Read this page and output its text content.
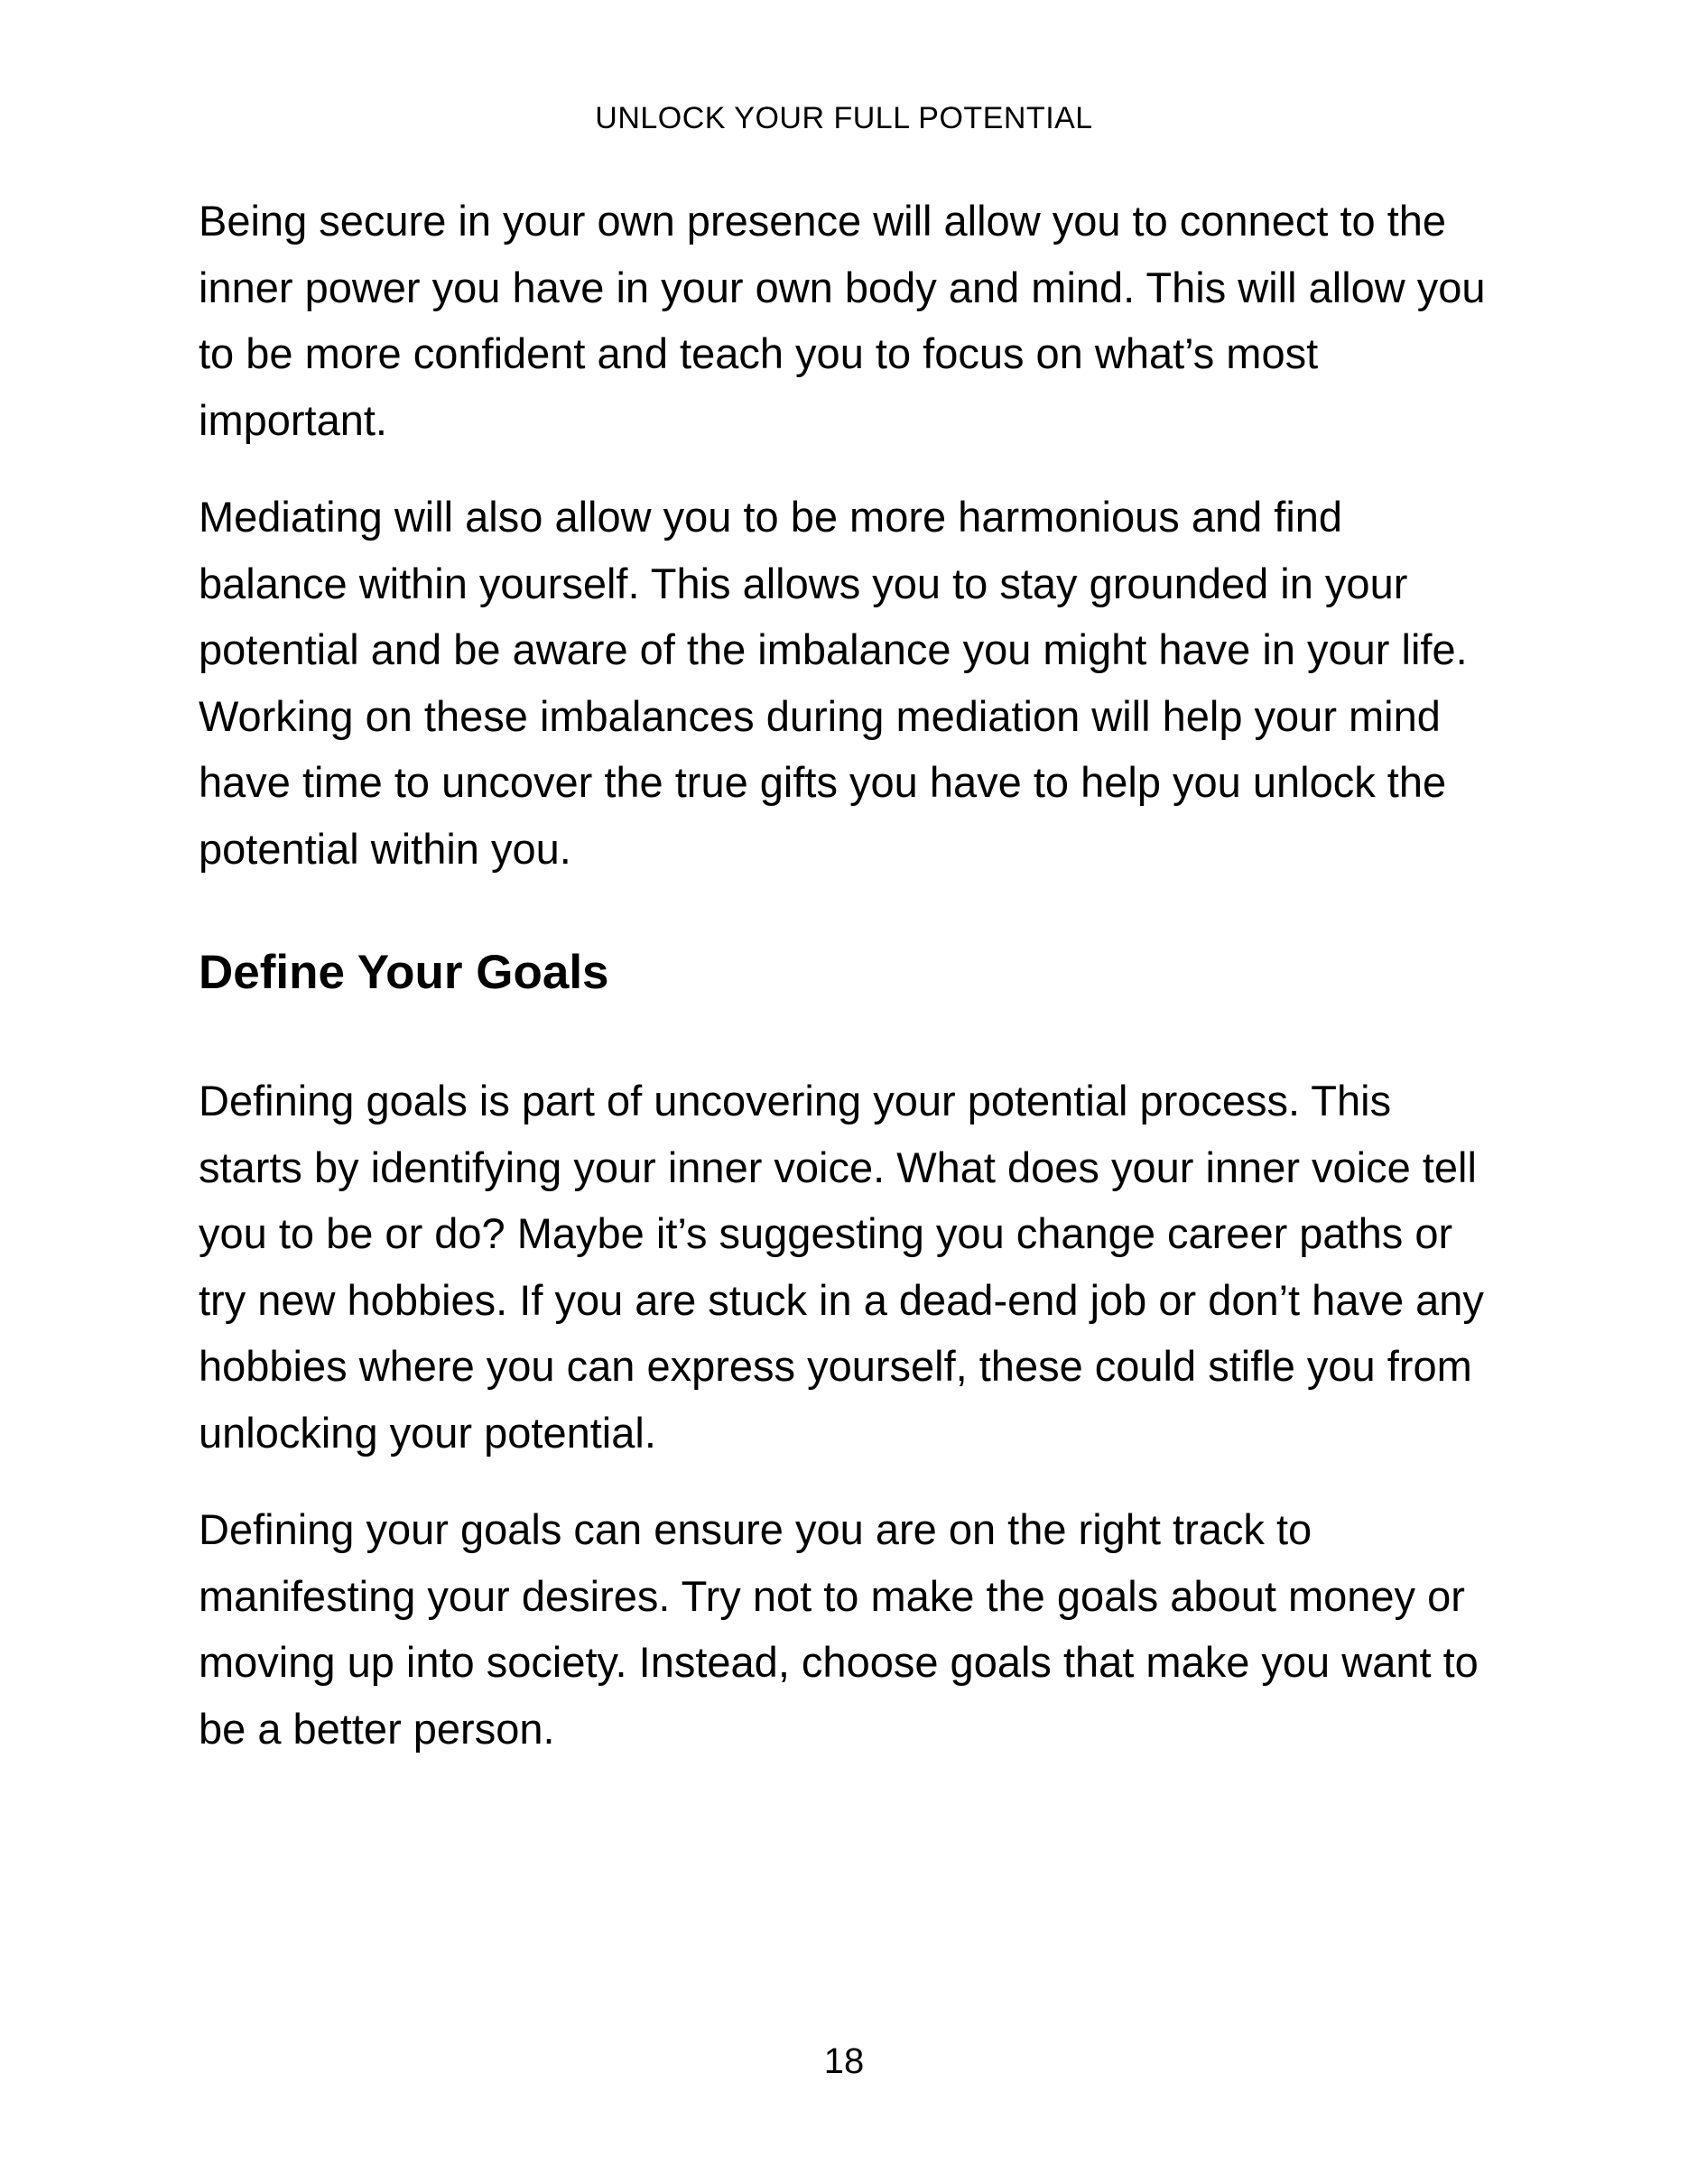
UNLOCK YOUR FULL POTENTIAL

Being secure in your own presence will allow you to connect to the inner power you have in your own body and mind. This will allow you to be more confident and teach you to focus on what’s most important.

Mediating will also allow you to be more harmonious and find balance within yourself. This allows you to stay grounded in your potential and be aware of the imbalance you might have in your life. Working on these imbalances during mediation will help your mind have time to uncover the true gifts you have to help you unlock the potential within you.

Define Your Goals

Defining goals is part of uncovering your potential process. This starts by identifying your inner voice. What does your inner voice tell you to be or do? Maybe it’s suggesting you change career paths or try new hobbies. If you are stuck in a dead-end job or don’t have any hobbies where you can express yourself, these could stifle you from unlocking your potential.

Defining your goals can ensure you are on the right track to manifesting your desires. Try not to make the goals about money or moving up into society. Instead, choose goals that make you want to be a better person.

18
